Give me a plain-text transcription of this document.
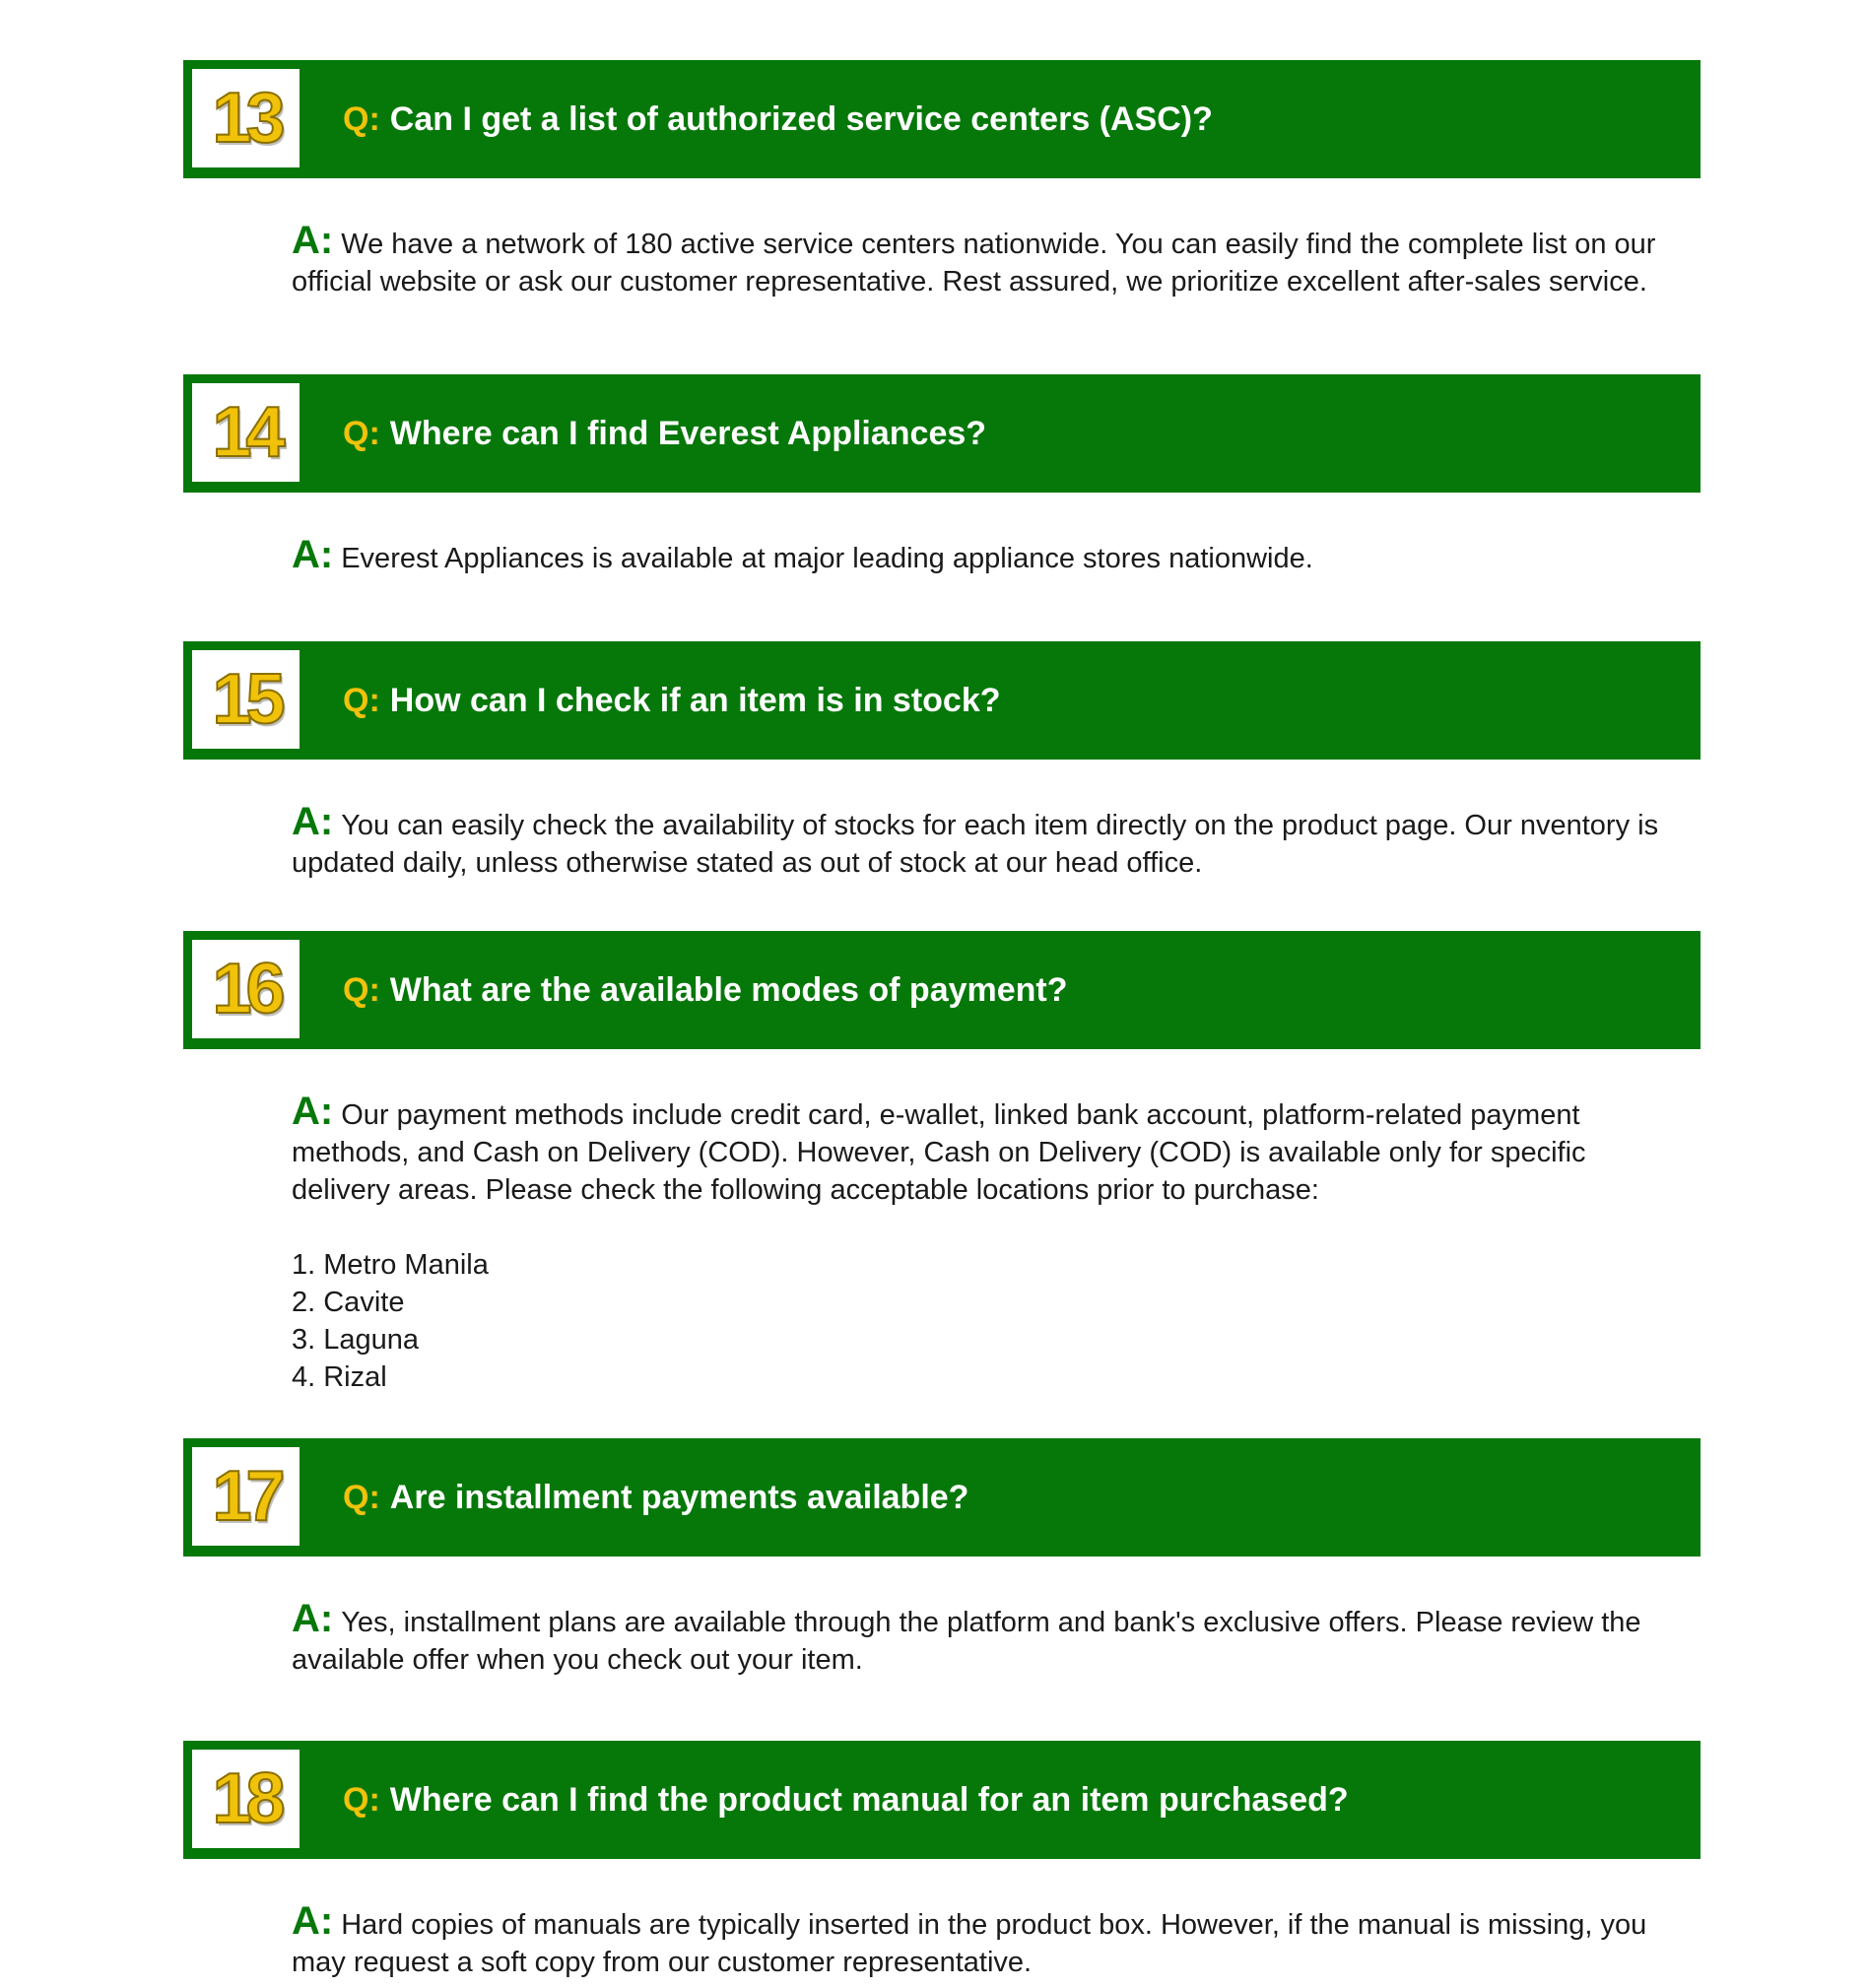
13 Q: Can I get a list of authorized service centers (ASC)?
A: We have a network of 180 active service centers nationwide. You can easily find the complete list on our official website or ask our customer representative. Rest assured, we prioritize excellent after-sales service.
14 Q: Where can I find Everest Appliances?
A: Everest Appliances is available at major leading appliance stores nationwide.
15 Q: How can I check if an item is in stock?
A: You can easily check the availability of stocks for each item directly on the product page. Our nventory is updated daily, unless otherwise stated as out of stock at our head office.
16 Q: What are the available modes of payment?
A: Our payment methods include credit card, e-wallet, linked bank account, platform-related payment methods, and Cash on Delivery (COD). However, Cash on Delivery (COD) is available only for specific delivery areas. Please check the following acceptable locations prior to purchase:
1. Metro Manila
2. Cavite
3. Laguna
4. Rizal
17 Q: Are installment payments available?
A: Yes, installment plans are available through the platform and bank's exclusive offers. Please review the available offer when you check out your item.
18 Q: Where can I find the product manual for an item purchased?
A: Hard copies of manuals are typically inserted in the product box. However, if the manual is missing, you may request a soft copy from our customer representative.
